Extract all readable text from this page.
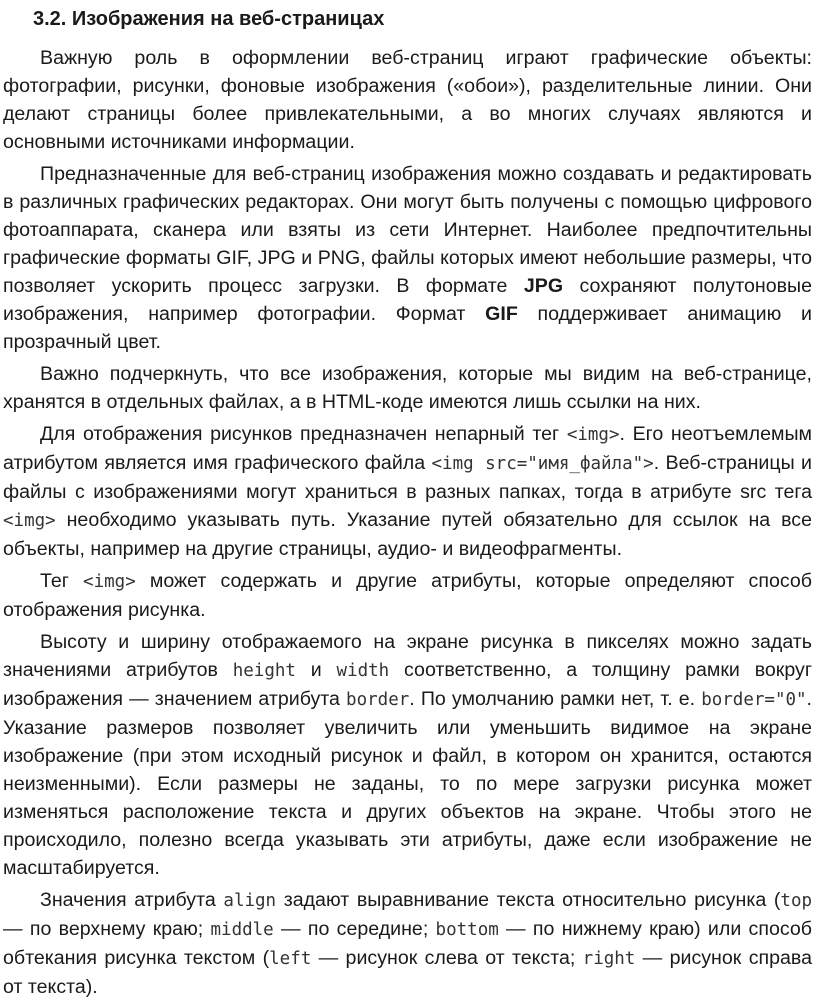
3.2. Изображения на веб-страницах

Важную роль в оформлении веб-страниц играют графические объекты: фотографии, рисунки, фоновые изображения («обои»), разделительные линии. Они делают страницы более привлекательными, а во многих случаях являются и основными источниками информации.

Предназначенные для веб-страниц изображения можно создавать и редактировать в различных графических редакторах. Они могут быть получены с помощью цифрового фотоаппарата, сканера или взяты из сети Интернет. Наиболее предпочтительны графические форматы GIF, JPG и PNG, файлы которых имеют небольшие размеры, что позволяет ускорить процесс загрузки. В формате JPG сохраняют полутоновые изображения, например фотографии. Формат GIF поддерживает анимацию и прозрачный цвет.

Важно подчеркнуть, что все изображения, которые мы видим на веб-странице, хранятся в отдельных файлах, а в HTML-коде имеются лишь ссылки на них.

Для отображения рисунков предназначен непарный тег <img>. Его неотъемлемым атрибутом является имя графического файла <img src="имя_файла">. Веб-страницы и файлы с изображениями могут храниться в разных папках, тогда в атрибуте src тега <img> необходимо указывать путь. Указание путей обязательно для ссылок на все объекты, например на другие страницы, аудио- и видеофрагменты.

Тег <img> может содержать и другие атрибуты, которые определяют способ отображения рисунка.

Высоту и ширину отображаемого на экране рисунка в пикселях можно задать значениями атрибутов height и width соответственно, а толщину рамки вокруг изображения — значением атрибута border. По умолчанию рамки нет, т. е. border="0". Указание размеров позволяет увеличить или уменьшить видимое на экране изображение (при этом исходный рисунок и файл, в котором он хранится, остаются неизменными). Если размеры не заданы, то по мере загрузки рисунка может изменяться расположение текста и других объектов на экране. Чтобы этого не происходило, полезно всегда указывать эти атрибуты, даже если изображение не масштабируется.

Значения атрибута align задают выравнивание текста относительно рисунка (top — по верхнему краю; middle — по середине; bottom — по нижнему краю) или способ обтекания рисунка текстом (left — рисунок слева от текста; right — рисунок справа от текста).
